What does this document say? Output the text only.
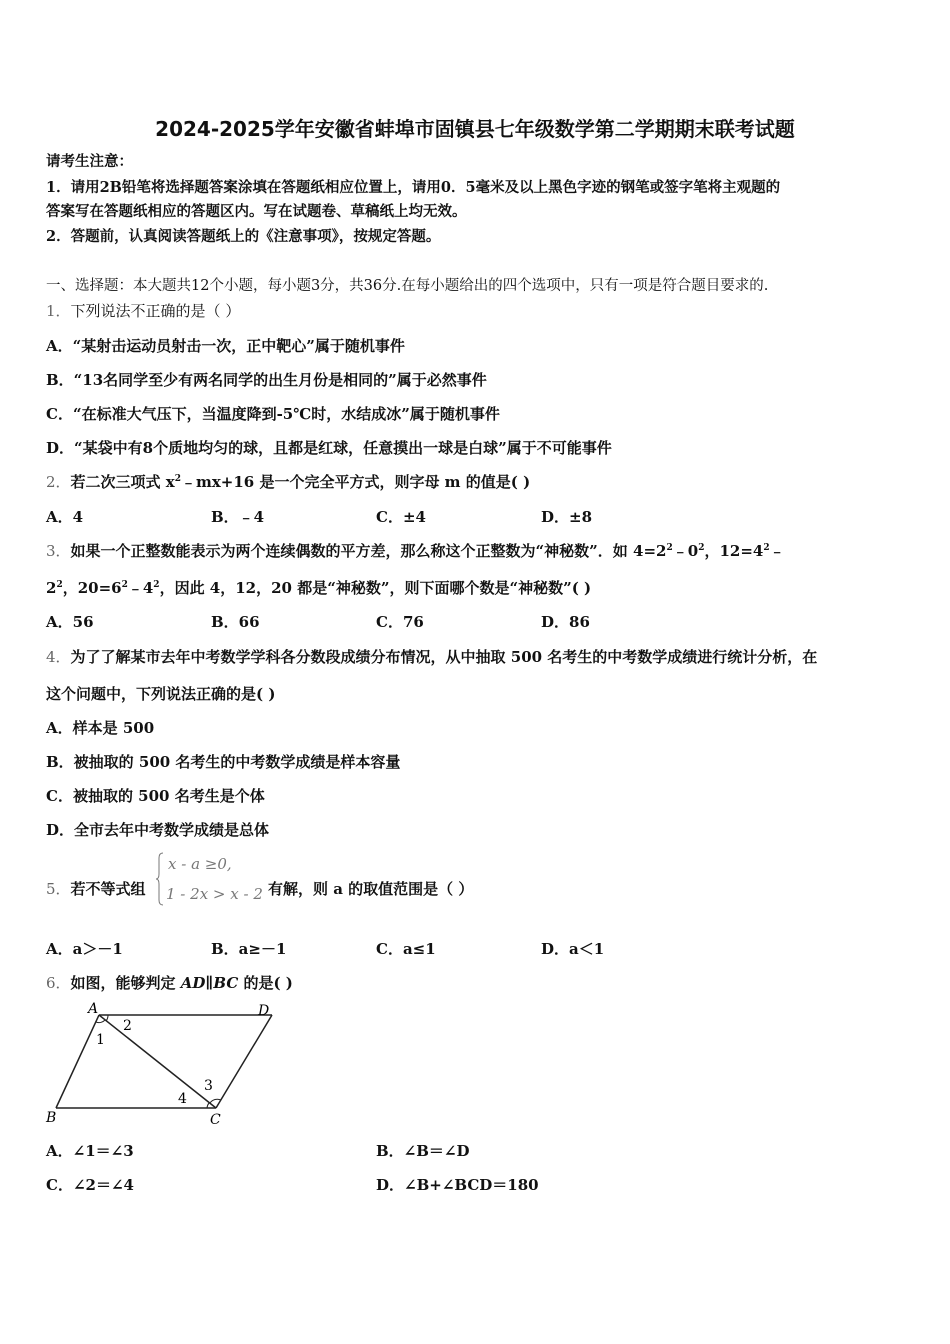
2024-2025学年安徽省蚌埠市固镇县七年级数学第二学期期末联考试题
请考生注意：
1．请用2B铅笔将选择题答案涂填在答题纸相应位置上，请用0．5毫米及以上黑色字迹的钢笔或签字笔将主观题的
答案写在答题纸相应的答题区内。写在试题卷、草稿纸上均无效。
2．答题前，认真阅读答题纸上的《注意事项》，按规定答题。
一、选择题：本大题共12个小题，每小题3分，共36分.在每小题给出的四个选项中，只有一项是符合题目要求的.
1．下列说法不正确的是（ ）
A．“某射击运动员射击一次，正中靶心”属于随机事件
B．“13名同学至少有两名同学的出生月份是相同的”属于必然事件
C．“在标准大气压下，当温度降到-5℃时，水结成冰”属于随机事件
D．“某袋中有8个质地均匀的球，且都是红球，任意摸出一球是白球”属于不可能事件
2．若二次三项式 $x^2﹣mx+16$ 是一个完全平方式，则字母 m 的值是( )
A．4	B．﹣4	C．±4	D．±8
3．如果一个正整数能表示为两个连续偶数的平方差，那么称这个正整数为“神秘数”．如 $4=2^2﹣0^2$，$12=4^2﹣$
$2^2$，$20=6^2﹣4^2$，因此 4，12，20 都是“神秘数”，则下面哪个数是“神秘数”( )
A．56	B．66	C．76	D．86
4．为了了解某市去年中考数学学科各分数段成绩分布情况，从中抽取 500 名考生的中考数学成绩进行统计分析，在
这个问题中，下列说法正确的是( )
A．样本是 500
B．被抽取的 500 名考生的中考数学成绩是样本容量
C．被抽取的 500 名考生是个体
D．全市去年中考数学成绩是总体
5．若不等式组
x - a ≥0,
1 - 2x > x - 2 有解，则 a 的取值范围是（ ）
A．a＞－1	B．a≥－1	C．a≤1	D．a＜1
6．如图，能够判定 AD∥BC 的是( )
A	D
B	C
1
2
3
4
A．∠1＝∠3	B．∠B＝∠D
C．∠2＝∠4	D．∠B+∠BCD＝180
